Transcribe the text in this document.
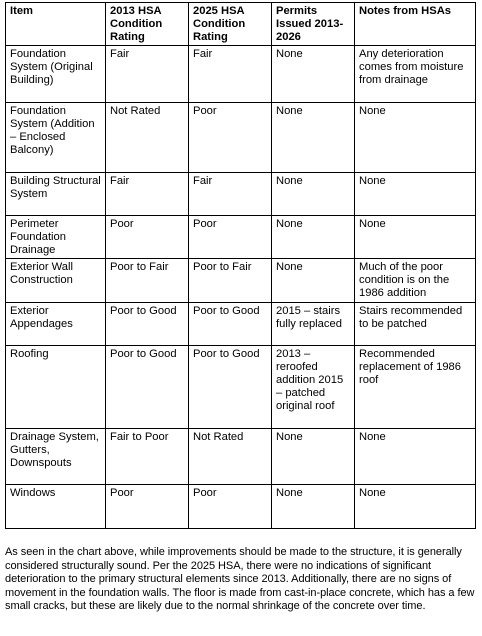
Item	2013 HSA Condition Rating	2025 HSA Condition Rating	Permits Issued 2013-2026	Notes from HSAs
Foundation System (Original Building)	Fair	Fair	None	Any deterioration comes from moisture from drainage
Foundation System (Addition – Enclosed Balcony)	Not Rated	Poor	None	None
Building Structural System	Fair	Fair	None	None
Perimeter Foundation Drainage	Poor	Poor	None	None
Exterior Wall Construction	Poor to Fair	Poor to Fair	None	Much of the poor condition is on the 1986 addition
Exterior Appendages	Poor to Good	Poor to Good	2015 – stairs fully replaced	Stairs recommended to be patched
Roofing	Poor to Good	Poor to Good	2013 – reroofed addition 2015 – patched original roof	Recommended replacement of 1986 roof
Drainage System, Gutters, Downspouts	Fair to Poor	Not Rated	None	None
Windows	Poor	Poor	None	None

As seen in the chart above, while improvements should be made to the structure, it is generally considered structurally sound. Per the 2025 HSA, there were no indications of significant deterioration to the primary structural elements since 2013. Additionally, there are no signs of movement in the foundation walls. The floor is made from cast-in-place concrete, which has a few small cracks, but these are likely due to the normal shrinkage of the concrete over time.
